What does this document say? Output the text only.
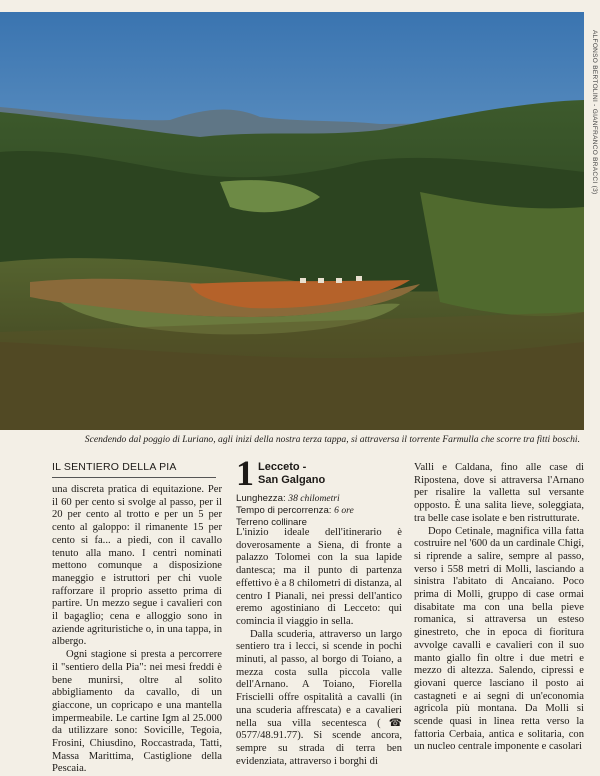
ALFONSO BERTOLINI - GIANFRANCO BRACCI (3)
Scendendo dal poggio di Luriano, agli inizi della nostra terza tappa, si attraversa il torrente Farmulla che scorre tra fitti boschi.
IL SENTIERO DELLA PIA

una discreta pratica di equitazione. Per il 60 per cento si svolge al passo, per il 20 per cento al trotto e per un 5 per cento al galoppo: il rimanente 15 per cento si fa... a piedi, con il cavallo tenuto alla mano. I centri nominati mettono comunque a disposizione maneggio e istruttori per chi vuole rafforzare il proprio assetto prima di partire. Un mezzo segue i cavalieri con il bagaglio; cena e alloggio sono in aziende agrituristiche o, in una tappa, in albergo.

Ogni stagione si presta a percorrere il "sentiero della Pia": nei mesi freddi è bene munirsi, oltre al solito abbigliamento da cavallo, di un giaccone, un copricapo e una mantella impermeabile. Le cartine Igm al 25.000 da utilizzare sono: Sovicille, Tegoia, Frosini, Chiusdino, Roccastrada, Tatti, Massa Marittima, Castiglione della Pescaia.

1 Lecceto -
San Galgano
Lunghezza: 38 chilometri
Tempo di percorrenza: 6 ore
Terreno collinare

L'inizio ideale dell'itinerario è doverosamente a Siena, di fronte a palazzo Tolomei con la sua lapide dantesca; ma il punto di partenza effettivo è a 8 chilometri di distanza, al centro I Pianali, nei pressi dell'antico eremo agostiniano di Lecceto: qui comincia il viaggio in sella.

Dalla scuderia, attraverso un largo sentiero tra i lecci, si scende in pochi minuti, al passo, al borgo di Toiano, a mezza costa sulla piccola valle dell'Arnano. A Toiano, Fiorella Friscielli offre ospitalità a cavalli (in una scuderia affrescata) e a cavalieri nella sua villa secentesca (☎ 0577/48.91.77). Si scende ancora, sempre su strada di terra ben evidenziata, attraverso i borghi di

Valli e Caldana, fino alle case di Ripostena, dove si attraversa l'Arnano per risalire la valletta sul versante opposto. È una salita lieve, soleggiata, tra belle case isolate e ben ristrutturate.

Dopo Cetinale, magnifica villa fatta costruire nel '600 da un cardinale Chigi, si riprende a salire, sempre al passo, verso i 558 metri di Molli, lasciando a sinistra l'abitato di Ancaiano. Poco prima di Molli, gruppo di case ormai disabitate ma con una bella pieve romanica, si attraversa un esteso ginestreto, che in epoca di fioritura avvolge cavalli e cavalieri con il suo manto giallo fin oltre i due metri e mezzo di altezza. Salendo, cipressi e giovani querce lasciano il posto ai castagneti e ai segni di un'economia agricola più montana. Da Molli si scende quasi in linea retta verso la fattoria Cerbaia, antica e solitaria, con un nucleo centrale imponente e casolari
